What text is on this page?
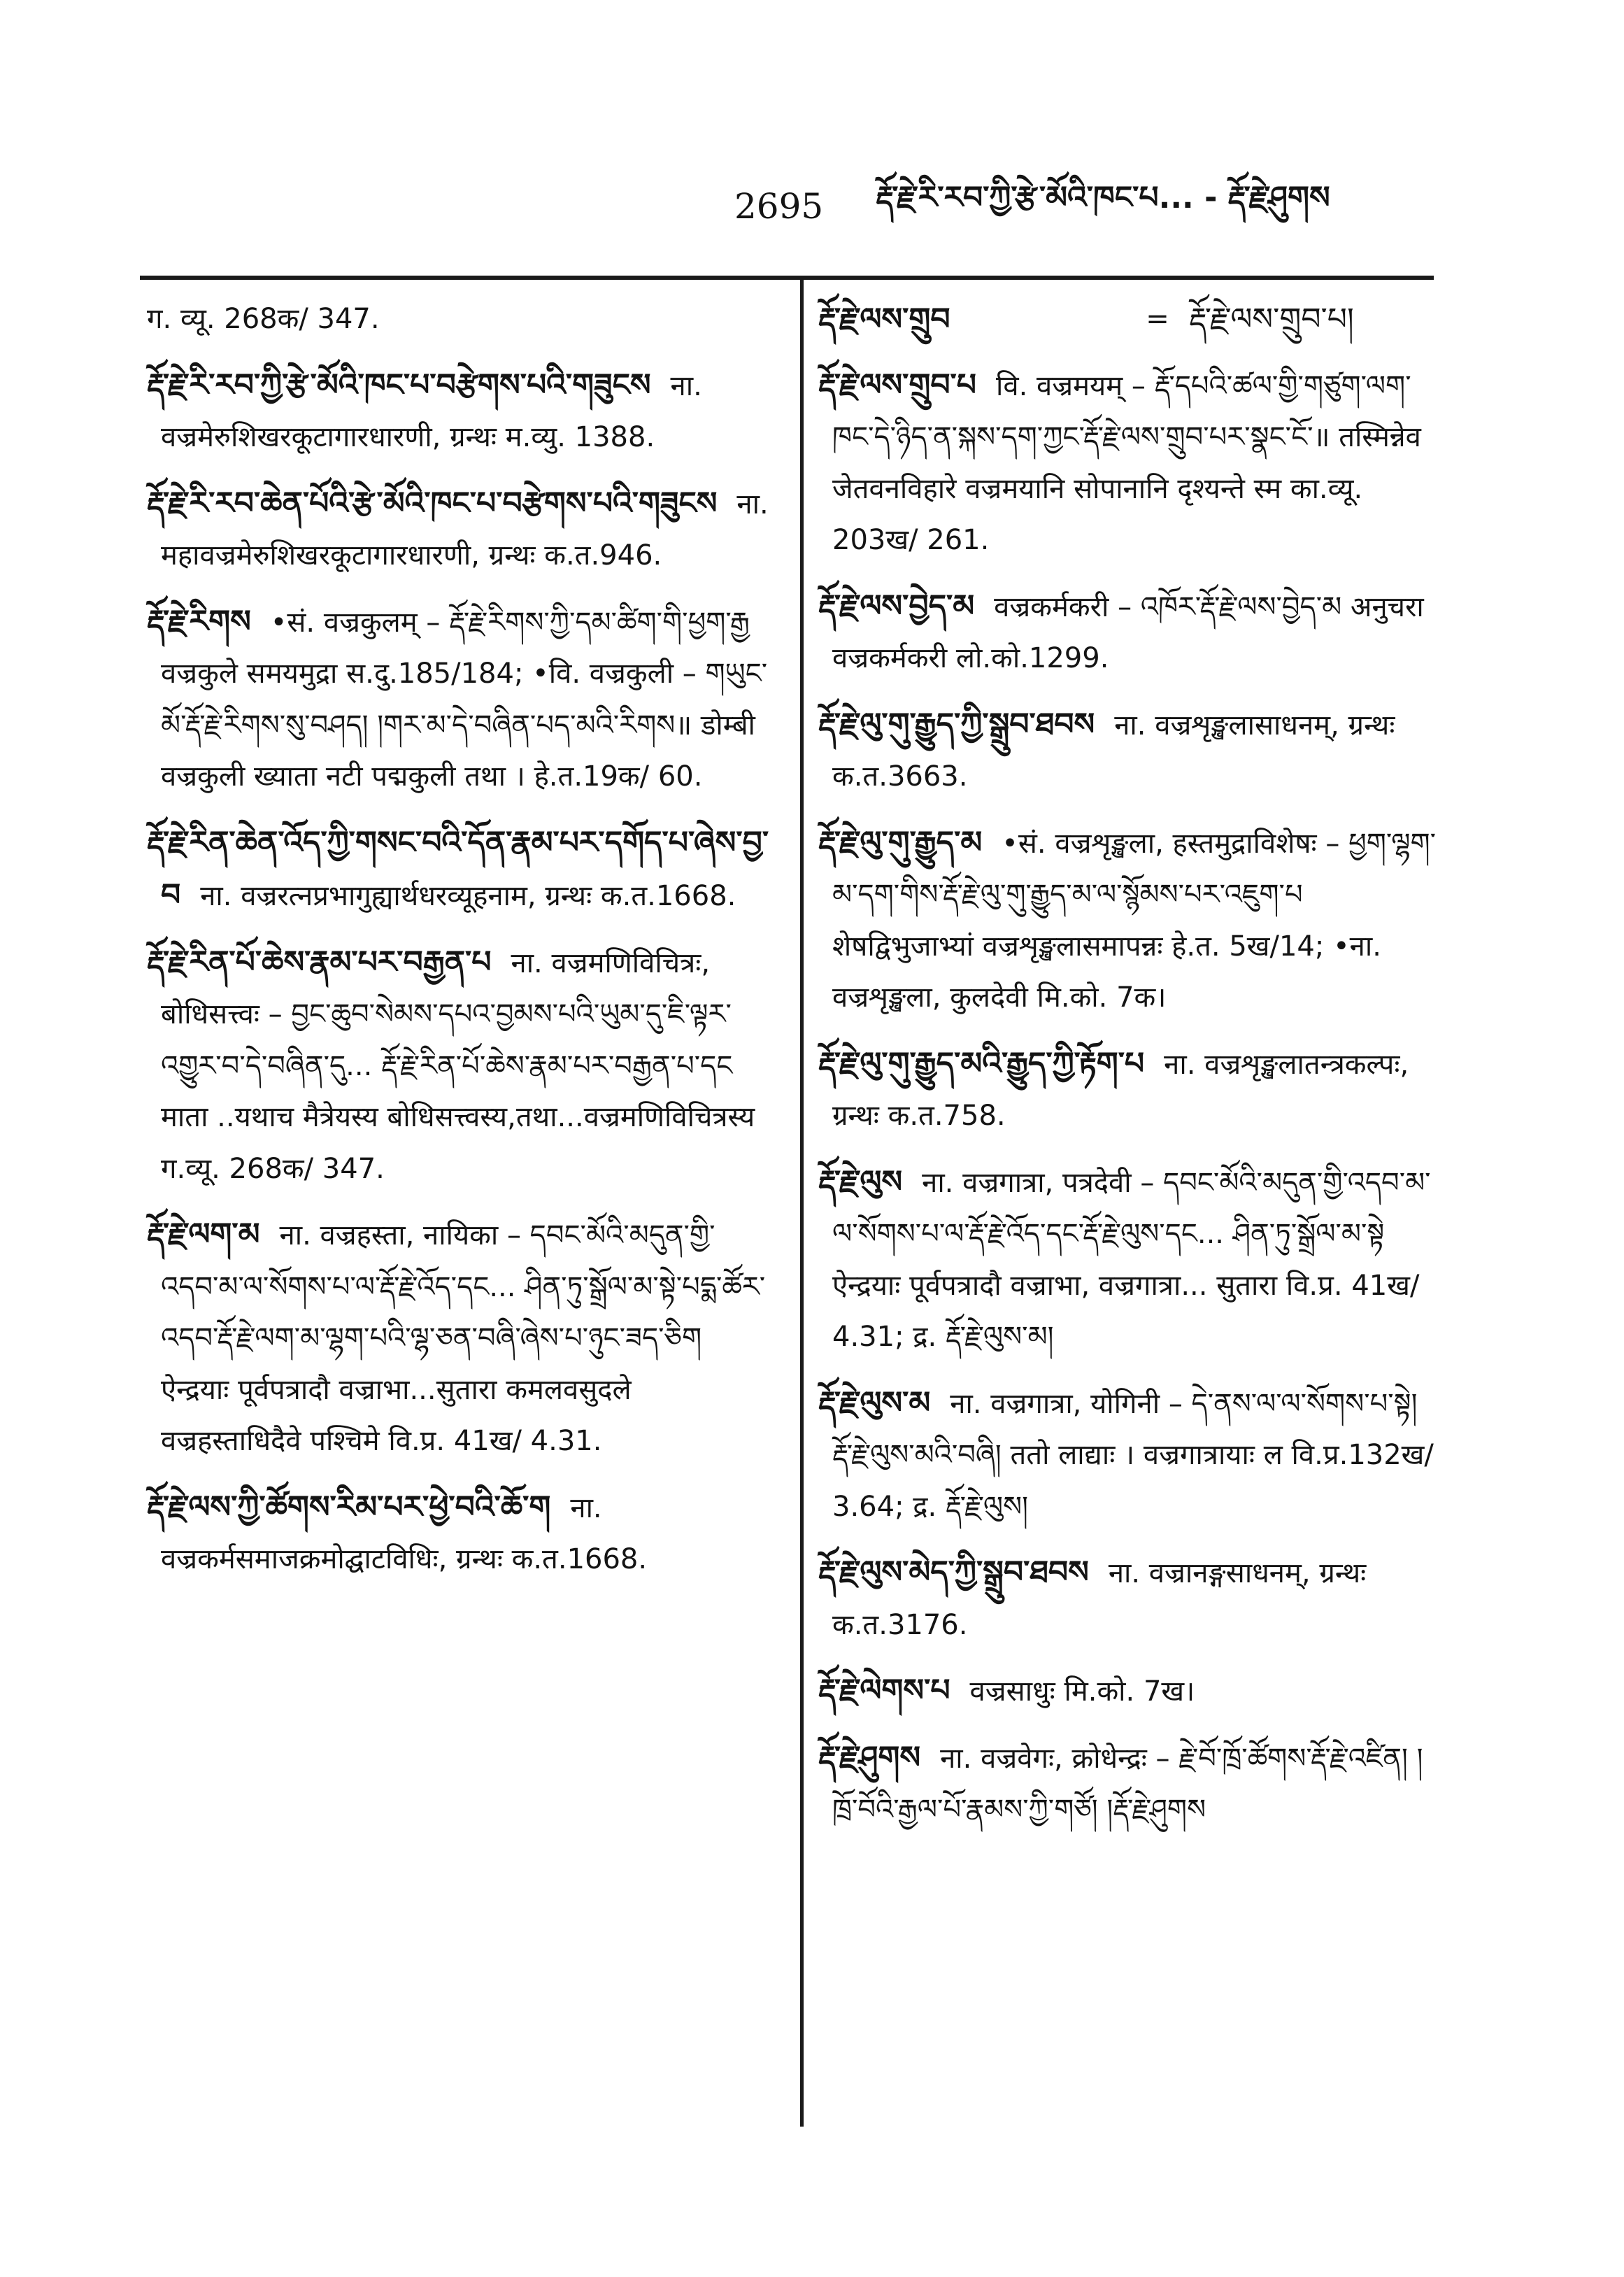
2695 རྡོ་རྗེ་རི་རབ་ཀྱི་རྩེ་མོའི་ཁང་པ... - རྡོ་རྗེ་ཤུགས

ग. व्यू. 268क/ 347.

རྡོ་རྗེ་རི་རབ་ཀྱི་རྩེ་མོའི་ཁང་པ་བརྩེགས་པའི་གཟུངས ना. वज्रमेरुशिखरकूटागारधारणी, ग्रन्थः म.व्यु. 1388.

རྡོ་རྗེ་རི་རབ་ཆེན་པོའི་རྩེ་མོའི་ཁང་པ་བརྩེགས་པའི་གཟུངས ना. महावज्रमेरुशिखरकूटागारधारणी, ग्रन्थः क.त.946.

རྡོ་རྗེ་རིགས •सं. वज्रकुलम् – རྡོ་རྗེ་རིགས་ཀྱི་དམ་ཚིག་གི་ཕྱག་རྒྱ वज्रकुले समयमुद्रा स.दु.185/184; •वि. वज्रकुली – གཡུང་མོ་རྡོ་རྗེ་རིགས་སུ་བཤད། །གར་མ་དེ་བཞིན་པད་མའི་རིགས॥ डोम्बी वज्रकुली ख्याता नटी पद्मकुली तथा । हे.त.19क/ 60.

རྡོ་རྗེ་རིན་ཆེན་འོད་ཀྱི་གསང་བའི་དོན་རྣམ་པར་དགོད་པ་ཞེས་བྱ་བ ना. वज्ररत्नप्रभागुह्यार्थधरव्यूहनाम, ग्रन्थः क.त.1668.

རྡོ་རྗེ་རིན་པོ་ཆེས་རྣམ་པར་བརྒྱན་པ ना. वज्रमणिविचित्रः, बोधिसत्त्वः – བྱང་ཆུབ་སེམས་དཔའ་བྱམས་པའི་ཡུམ་དུ་ཇི་ལྟར་འགྱུར་བ་དེ་བཞིན་དུ... རྡོ་རྗེ་རིན་པོ་ཆེས་རྣམ་པར་བརྒྱན་པ་དང माता ..यथाच मैत्रेयस्य बोधिसत्त्वस्य,तथा...वज्रमणिविचित्रस्य ग.व्यू. 268क/ 347.

རྡོ་རྗེ་ལག་མ ना. वज्रहस्ता, नायिका – དབང་མོའི་མདུན་གྱི་འདབ་མ་ལ་སོགས་པ་ལ་རྡོ་རྗེ་འོད་དང... ཤིན་ཏུ་སྒྲོལ་མ་སྟེ་པདྨ་ཚོར་འདབ་རྡོ་རྗེ་ལག་མ་ལྷག་པའི་ལྷ་ཅན་བཞི་ཞེས་པ་ཉུང་ཟད་ཅིག ऐन्द्रयाः पूर्वपत्रादौ वज्राभा...सुतारा कमलवसुदले वज्रहस्ताधिदैवे पश्चिमे वि.प्र. 41ख/ 4.31.

རྡོ་རྗེ་ལས་ཀྱི་ཚོགས་རིམ་པར་ཕྱེ་བའི་ཆོ་ག ना. वज्रकर्मसमाजक्रमोद्घाटविधिः, ग्रन्थः क.त.1668.

རྡོ་རྗེ་ལས་གྲུབ	= རྡོ་རྗེ་ལས་གྲུབ་པ།

རྡོ་རྗེ་ལས་གྲུབ་པ वि. वज्रमयम् – རྡོ་དཔའི་ཚལ་གྱི་གཙུག་ལག་ཁང་དེ་ཉིད་ན་སྐས་དག་ཀྱང་རྡོ་རྗེ་ལས་གྲུབ་པར་སྣང་ངོ་॥ तस्मिन्नेव जेतवनविहारे वज्रमयानि सोपानानि दृश्यन्ते स्म का.व्यू. 203ख/ 261.

རྡོ་རྗེ་ལས་བྱེད་མ वज्रकर्मकरी – འཁོར་རྡོ་རྗེ་ལས་བྱེད་མ अनुचरा वज्रकर्मकरी लो.को.1299.

རྡོ་རྗེ་ལུ་གུ་རྒྱུད་ཀྱི་སྒྲུབ་ཐབས ना. वज्रशृङ्खलासाधनम्, ग्रन्थः क.त.3663.

རྡོ་རྗེ་ལུ་གུ་རྒྱུད་མ •सं. वज्रशृङ्खला, हस्तमुद्राविशेषः – ཕྱག་ལྷག་མ་དག་གིས་རྡོ་རྗེ་ལུ་གུ་རྒྱུད་མ་ལ་སྙོམས་པར་འཇུག་པ शेषद्विभुजाभ्यां वज्रशृङ्खलासमापन्नः हे.त. 5ख/14; •ना. वज्रशृङ्खला, कुलदेवी मि.को. 7क।

རྡོ་རྗེ་ལུ་གུ་རྒྱུད་མའི་རྒྱུད་ཀྱི་རྟོག་པ ना. वज्रशृङ्खलातन्त्रकल्पः, ग्रन्थः क.त.758.

རྡོ་རྗེ་ལུས ना. वज्रगात्रा, पत्रदेवी – དབང་མོའི་མདུན་གྱི་འདབ་མ་ལ་སོགས་པ་ལ་རྡོ་རྗེ་འོད་དང་རྡོ་རྗེ་ལུས་དང... ཤིན་ཏུ་སྒྲོལ་མ་སྟེ ऐन्द्रयाः पूर्वपत्रादौ वज्राभा, वज्रगात्रा... सुतारा वि.प्र. 41ख/ 4.31; द्र. རྡོ་རྗེ་ལུས་མ།

རྡོ་རྗེ་ལུས་མ ना. वज्रगात्रा, योगिनी – དེ་ནས་ལ་ལ་སོགས་པ་སྟེ། རྡོ་རྗེ་ལུས་མའི་བཞི། ततो लाद्याः । वज्रगात्रायाः ल वि.प्र.132ख/ 3.64; द्र. རྡོ་རྗེ་ལུས།

རྡོ་རྗེ་ལུས་མེད་ཀྱི་སྒྲུབ་ཐབས ना. वज्रानङ्गसाधनम्, ग्रन्थः क.त.3176.

རྡོ་རྗེ་ལེགས་པ वज्रसाधुः मि.को. 7ख।

རྡོ་རྗེ་ཤུགས ना. वज्रवेगः, क्रोधेन्द्रः – རྗེ་བོ་ཁྲོ་ཚོགས་རྡོ་རྗེ་འཛིན། །ཁྲོ་བོའི་རྒྱལ་པོ་རྣམས་ཀྱི་གཙོ། །རྡོ་རྗེ་ཤུགས
